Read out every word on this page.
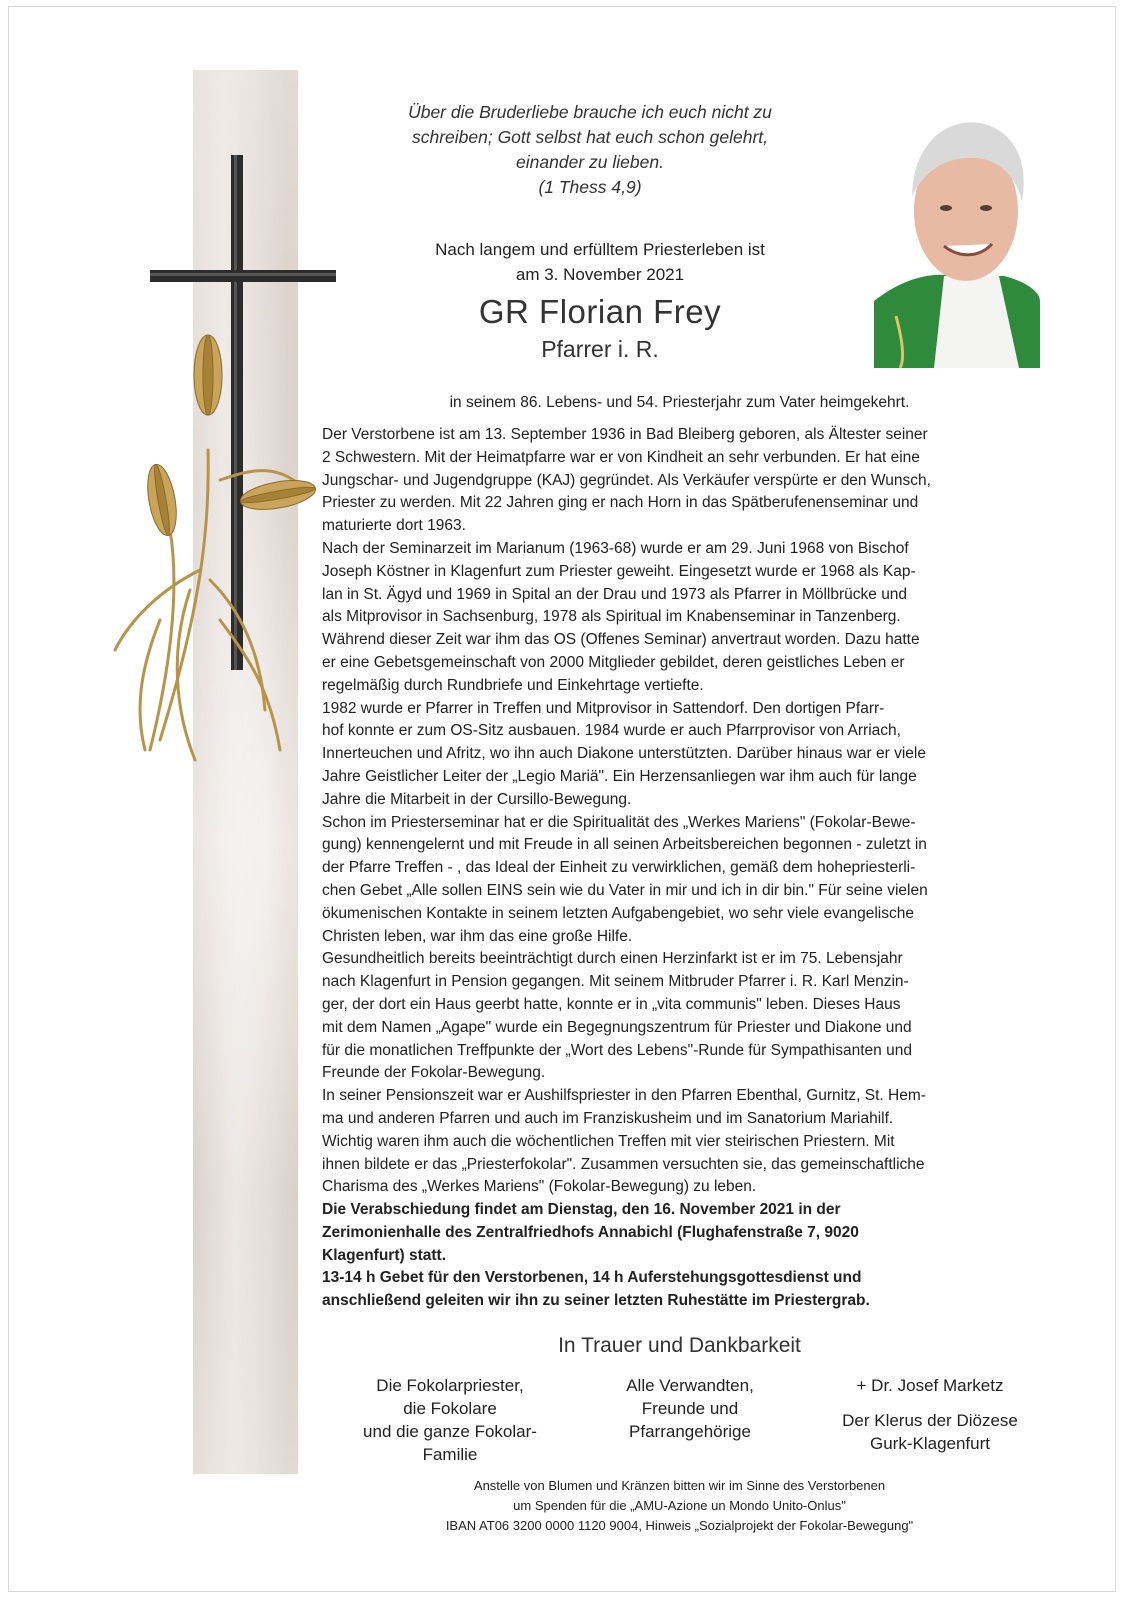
Über die Bruderliebe brauche ich euch nicht zu
schreiben; Gott selbst hat euch schon gelehrt,
einander zu lieben.
(1 Thess 4,9)
Nach langem und erfülltem Priesterleben ist
am 3. November 2021
GR Florian Frey
Pfarrer i. R.
in seinem 86. Lebens- und 54. Priesterjahr zum Vater heimgekehrt.
Der Verstorbene ist am 13. September 1936 in Bad Bleiberg geboren, als Ältester seiner
2 Schwestern. Mit der Heimatpfarre war er von Kindheit an sehr verbunden. Er hat eine
Jungschar- und Jugendgruppe (KAJ) gegründet. Als Verkäufer verspürte er den Wunsch,
Priester zu werden. Mit 22 Jahren ging er nach Horn in das Spätberufenenseminar und
maturierte dort 1963.
Nach der Seminarzeit im Marianum (1963-68) wurde er am 29. Juni 1968 von Bischof
Joseph Köstner in Klagenfurt zum Priester geweiht. Eingesetzt wurde er 1968 als Kap-
lan in St. Ägyd und 1969 in Spital an der Drau und 1973 als Pfarrer in Möllbrücke und
als Mitprovisor in Sachsenburg, 1978 als Spiritual im Knabenseminar in Tanzenberg.
Während dieser Zeit war ihm das OS (Offenes Seminar) anvertraut worden. Dazu hatte
er eine Gebetsgemeinschaft von 2000 Mitglieder gebildet, deren geistliches Leben er
regelmäßig durch Rundbriefe und Einkehrtage vertiefte.
1982 wurde er Pfarrer in Treffen und Mitprovisor in Sattendorf. Den dortigen Pfarr-
hof konnte er zum OS-Sitz ausbauen. 1984 wurde er auch Pfarrprovisor von Arriach,
Innerteuchen und Afritz, wo ihn auch Diakone unterstützten. Darüber hinaus war er viele
Jahre Geistlicher Leiter der „Legio Mariä". Ein Herzensanliegen war ihm auch für lange
Jahre die Mitarbeit in der Cursillo-Bewegung.
Schon im Priesterseminar hat er die Spiritualität des „Werkes Mariens" (Fokolar-Bewe-
gung) kennengelernt und mit Freude in all seinen Arbeitsbereichen begonnen - zuletzt in
der Pfarre Treffen - , das Ideal der Einheit zu verwirklichen, gemäß dem hohepriesterli-
chen Gebet „Alle sollen EINS sein wie du Vater in mir und ich in dir bin." Für seine vielen
ökumenischen Kontakte in seinem letzten Aufgabengebiet, wo sehr viele evangelische
Christen leben, war ihm das eine große Hilfe.
Gesundheitlich bereits beeinträchtigt durch einen Herzinfarkt ist er im 75. Lebensjahr
nach Klagenfurt in Pension gegangen. Mit seinem Mitbruder Pfarrer i. R. Karl Menzin-
ger, der dort ein Haus geerbt hatte, konnte er in „vita communis" leben. Dieses Haus
mit dem Namen „Agape" wurde ein Begegnungszentrum für Priester und Diakone und
für die monatlichen Treffpunkte der „Wort des Lebens"-Runde für Sympathisanten und
Freunde der Fokolar-Bewegung.
In seiner Pensionszeit war er Aushilfspriester in den Pfarren Ebenthal, Gurnitz, St. Hem-
ma und anderen Pfarren und auch im Franziskusheim und im Sanatorium Mariahilf.
Wichtig waren ihm auch die wöchentlichen Treffen mit vier steirischen Priestern. Mit
ihnen bildete er das „Priesterfokolar". Zusammen versuchten sie, das gemeinschaftliche
Charisma des „Werkes Mariens" (Fokolar-Bewegung) zu leben.
Die Verabschiedung findet am Dienstag, den 16. November 2021 in der
Zerimonienhalle des Zentralfriedhofs Annabichl (Flughafenstraße 7, 9020
Klagenfurt) statt.
13-14 h Gebet für den Verstorbenen, 14 h Auferstehungsgottesdienst und
anschließend geleiten wir ihn zu seiner letzten Ruhestätte im Priestergrab.
In Trauer und Dankbarkeit
Die Fokolarpriester,
die Fokolare
und die ganze Fokolar-
Familie
Alle Verwandten,
Freunde und
Pfarrangehörige
+ Dr. Josef Marketz
Der Klerus der Diözese
Gurk-Klagenfurt
Anstelle von Blumen und Kränzen bitten wir im Sinne des Verstorbenen
um Spenden für die „AMU-Azione un Mondo Unito-Onlus"
IBAN AT06 3200 0000 1120 9004, Hinweis „Sozialprojekt der Fokolar-Bewegung"
